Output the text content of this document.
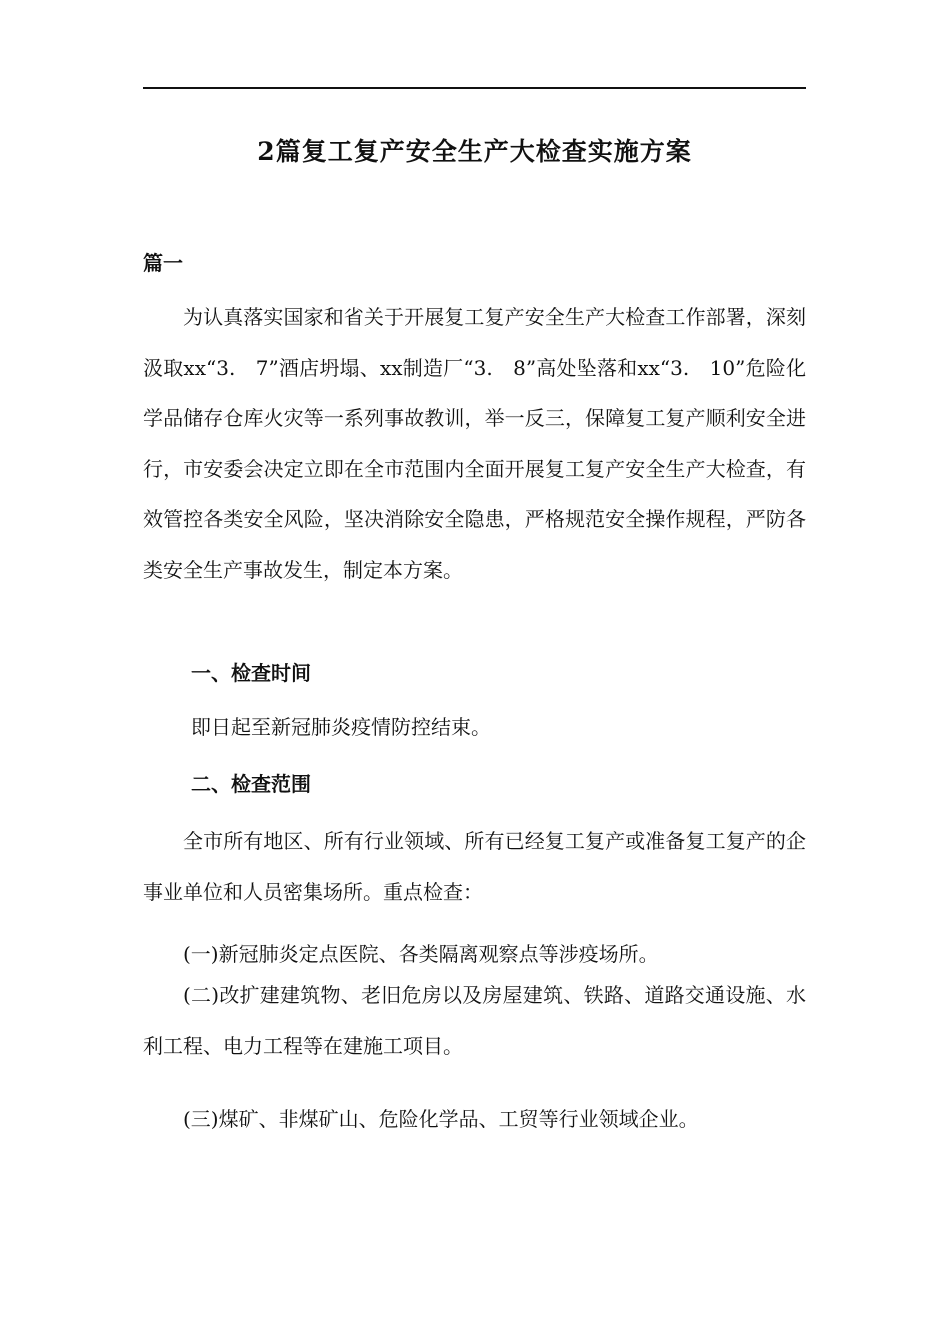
2篇复工复产安全生产大检查实施方案
篇一

为认真落实国家和省关于开展复工复产安全生产大检查工作部署，深刻汲取xx“3.　7”酒店坍塌、xx制造厂“3.　8”高处坠落和xx“3.　10”危险化学品储存仓库火灾等一系列事故教训，举一反三，保障复工复产顺利安全进行，市安委会决定立即在全市范围内全面开展复工复产安全生产大检查，有效管控各类安全风险，坚决消除安全隐患，严格规范安全操作规程，严防各类安全生产事故发生，制定本方案。

一、检查时间
即日起至新冠肺炎疫情防控结束。
二、检查范围

全市所有地区、所有行业领域、所有已经复工复产或准备复工复产的企事业单位和人员密集场所。重点检查：

(一)新冠肺炎定点医院、各类隔离观察点等涉疫场所。

(二)改扩建建筑物、老旧危房以及房屋建筑、铁路、道路交通设施、水利工程、电力工程等在建施工项目。

(三)煤矿、非煤矿山、危险化学品、工贸等行业领域企业。
